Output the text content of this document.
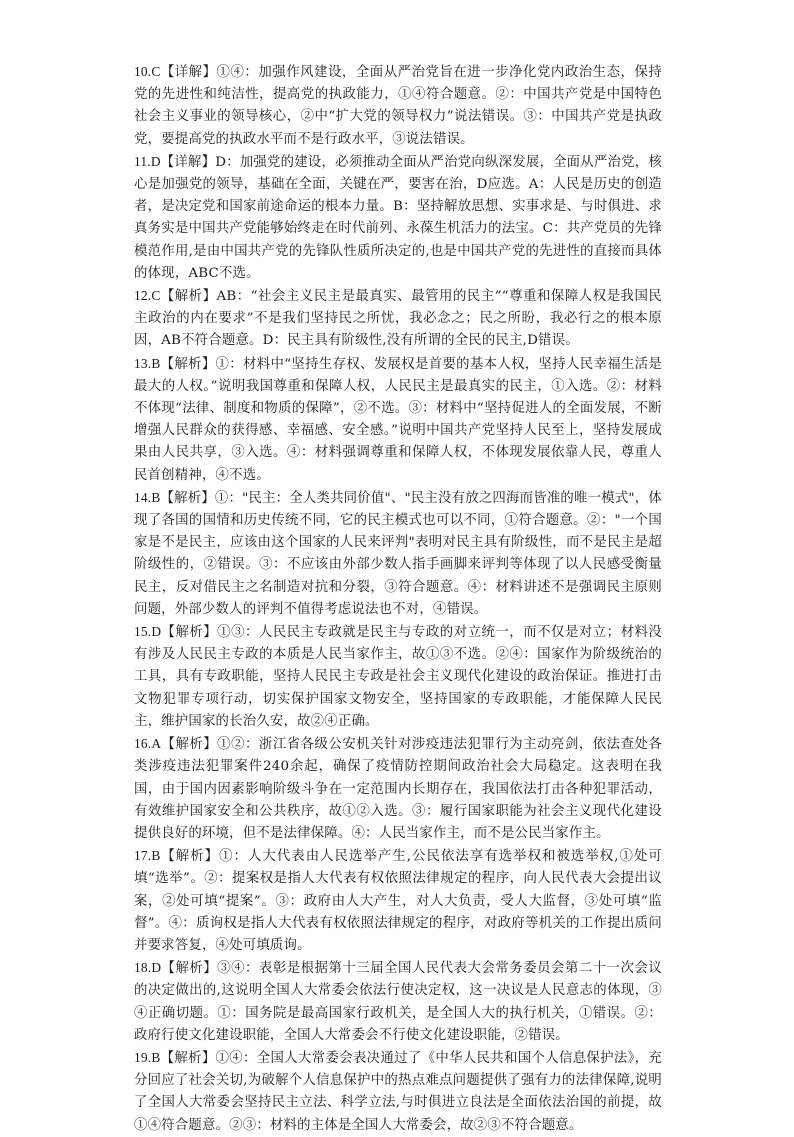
10.C【详解】①④：加强作风建设，全面从严治党旨在进一步净化党内政治生态，保持党的先进性和纯洁性，提高党的执政能力，①④符合题意。②：中国共产党是中国特色社会主义事业的领导核心，②中“扩大党的领导权力”说法错误。③：中国共产党是执政党，要提高党的执政水平而不是行政水平，③说法错误。

11.D【详解】D：加强党的建设，必须推动全面从严治党向纵深发展，全面从严治党，核心是加强党的领导，基础在全面，关键在严，要害在治，D应选。A：人民是历史的创造者，是决定党和国家前途命运的根本力量。B：坚持解放思想、实事求是、与时俱进、求真务实是中国共产党能够始终走在时代前列、永葆生机活力的法宝。C：共产党员的先锋模范作用,是由中国共产党的先锋队性质所决定的,也是中国共产党的先进性的直接而具体的体现，ABC不选。

12.C【解析】AB：“社会主义民主是最真实、最管用的民主”“尊重和保障人权是我国民主政治的内在要求”不是我们坚持民之所忧，我必念之；民之所盼，我必行之的根本原因，AB不符合题意。D：民主具有阶级性,没有所谓的全民的民主,D错误。

13.B【解析】①：材料中“坚持生存权、发展权是首要的基本人权，坚持人民幸福生活是最大的人权。”说明我国尊重和保障人权，人民民主是最真实的民主，①入选。②：材料不体现“法律、制度和物质的保障”，②不选。③：材料中“坚持促进人的全面发展，不断增强人民群众的获得感、幸福感、安全感。”说明中国共产党坚持人民至上，坚持发展成果由人民共享，③入选。④：材料强调尊重和保障人权，不体现发展依靠人民，尊重人民首创精神，④不选。

14.B【解析】①："民主：全人类共同价值"、"民主没有放之四海而皆准的唯一模式"，体现了各国的国情和历史传统不同，它的民主模式也可以不同，①符合题意。②："一个国家是不是民主，应该由这个国家的人民来评判"表明对民主具有阶级性，而不是民主是超阶级性的，②错误。③：不应该由外部少数人指手画脚来评判等体现了以人民感受衡量民主，反对借民主之名制造对抗和分裂，③符合题意。④：材料讲述不是强调民主原则问题，外部少数人的评判不值得考虑说法也不对，④错误。

15.D【解析】①③：人民民主专政就是民主与专政的对立统一，而不仅是对立；材料没有涉及人民民主专政的本质是人民当家作主，故①③不选。②④：国家作为阶级统治的工具，具有专政职能，坚持人民民主专政是社会主义现代化建设的政治保证。推进打击文物犯罪专项行动，切实保护国家文物安全，坚持国家的专政职能，才能保障人民民主，维护国家的长治久安，故②④正确。

16.A【解析】①②：浙江省各级公安机关针对涉疫违法犯罪行为主动亮剑，依法查处各类涉疫违法犯罪案件240余起，确保了疫情防控期间政治社会大局稳定。这表明在我国，由于国内因素影响阶级斗争在一定范围内长期存在，我国依法打击各种犯罪活动，有效维护国家安全和公共秩序，故①②入选。③：履行国家职能为社会主义现代化建设提供良好的环境，但不是法律保障。④：人民当家作主，而不是公民当家作主。

17.B【解析】①：人大代表由人民选举产生,公民依法享有选举权和被选举权,①处可填“选举”。②：提案权是指人大代表有权依照法律规定的程序，向人民代表大会提出议案，②处可填“提案”。③：政府由人大产生，对人大负责，受人大监督，③处可填“监督”。④：质询权是指人大代表有权依照法律规定的程序，对政府等机关的工作提出质问并要求答复，④处可填质询。

18.D【解析】③④：表彰是根据第十三届全国人民代表大会常务委员会第二十一次会议的决定做出的,这说明全国人大常委会依法行使决定权，这一决议是人民意志的体现，③④正确切题。①：国务院是最高国家行政机关，是全国人大的执行机关，①错误。②：政府行使文化建设职能，全国人大常委会不行使文化建设职能，②错误。

19.B【解析】①④：全国人大常委会表决通过了《中华人民共和国个人信息保护法》，充分回应了社会关切,为破解个人信息保护中的热点难点问题提供了强有力的法律保障,说明了全国人大常委会坚持民主立法、科学立法,与时俱进立良法是全面依法治国的前提，故①④符合题意。②③：材料的主体是全国人大常委会，故②③不符合题意。
